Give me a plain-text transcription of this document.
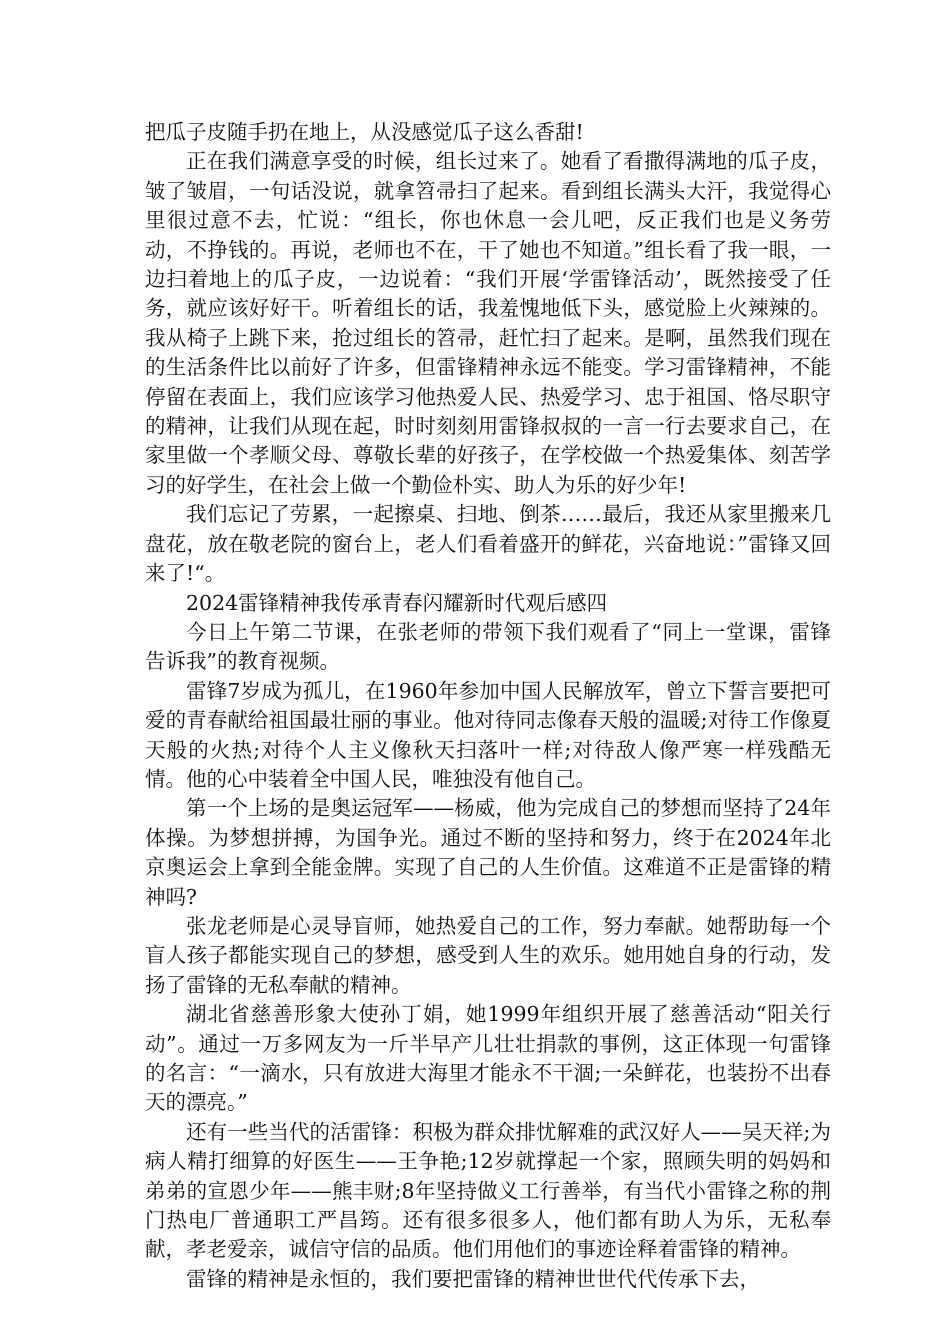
把瓜子皮随手扔在地上，从没感觉瓜子这么香甜!

正在我们满意享受的时候，组长过来了。她看了看撒得满地的瓜子皮，皱了皱眉，一句话没说，就拿笤帚扫了起来。看到组长满头大汗，我觉得心里很过意不去，忙说：“组长，你也休息一会儿吧，反正我们也是义务劳动，不挣钱的。再说，老师也不在，干了她也不知道。”组长看了我一眼，一边扫着地上的瓜子皮，一边说着：“我们开展‘学雷锋活动’，既然接受了任务，就应该好好干。听着组长的话，我羞愧地低下头，感觉脸上火辣辣的。我从椅子上跳下来，抢过组长的笤帚，赶忙扫了起来。是啊，虽然我们现在的生活条件比以前好了许多，但雷锋精神永远不能变。学习雷锋精神，不能停留在表面上，我们应该学习他热爱人民、热爱学习、忠于祖国、恪尽职守的精神，让我们从现在起，时时刻刻用雷锋叔叔的一言一行去要求自己，在家里做一个孝顺父母、尊敬长辈的好孩子，在学校做一个热爱集体、刻苦学习的好学生，在社会上做一个勤俭朴实、助人为乐的好少年!

我们忘记了劳累，一起擦桌、扫地、倒茶……最后，我还从家里搬来几盘花，放在敬老院的窗台上，老人们看着盛开的鲜花，兴奋地说：”雷锋又回来了!“。

2024雷锋精神我传承青春闪耀新时代观后感四

今日上午第二节课，在张老师的带领下我们观看了“同上一堂课，雷锋告诉我”的教育视频。

雷锋7岁成为孤儿，在1960年参加中国人民解放军，曾立下誓言要把可爱的青春献给祖国最壮丽的事业。他对待同志像春天般的温暖;对待工作像夏天般的火热;对待个人主义像秋天扫落叶一样;对待敌人像严寒一样残酷无情。他的心中装着全中国人民，唯独没有他自己。

第一个上场的是奥运冠军——杨威，他为完成自己的梦想而坚持了24年体操。为梦想拼搏，为国争光。通过不断的坚持和努力，终于在2024年北京奥运会上拿到全能金牌。实现了自己的人生价值。这难道不正是雷锋的精神吗?

张龙老师是心灵导盲师，她热爱自己的工作，努力奉献。她帮助每一个盲人孩子都能实现自己的梦想，感受到人生的欢乐。她用她自身的行动，发扬了雷锋的无私奉献的精神。

湖北省慈善形象大使孙丁娟，她1999年组织开展了慈善活动“阳关行动”。通过一万多网友为一斤半早产儿壮壮捐款的事例，这正体现一句雷锋的名言：“一滴水，只有放进大海里才能永不干涸;一朵鲜花，也装扮不出春天的漂亮。”

还有一些当代的活雷锋：积极为群众排忧解难的武汉好人——吴天祥;为病人精打细算的好医生——王争艳;12岁就撑起一个家，照顾失明的妈妈和弟弟的宣恩少年——熊丰财;8年坚持做义工行善举，有当代小雷锋之称的荆门热电厂普通职工严昌筠。还有很多很多人，他们都有助人为乐，无私奉献，孝老爱亲，诚信守信的品质。他们用他们的事迹诠释着雷锋的精神。

雷锋的精神是永恒的，我们要把雷锋的精神世世代代传承下去，
